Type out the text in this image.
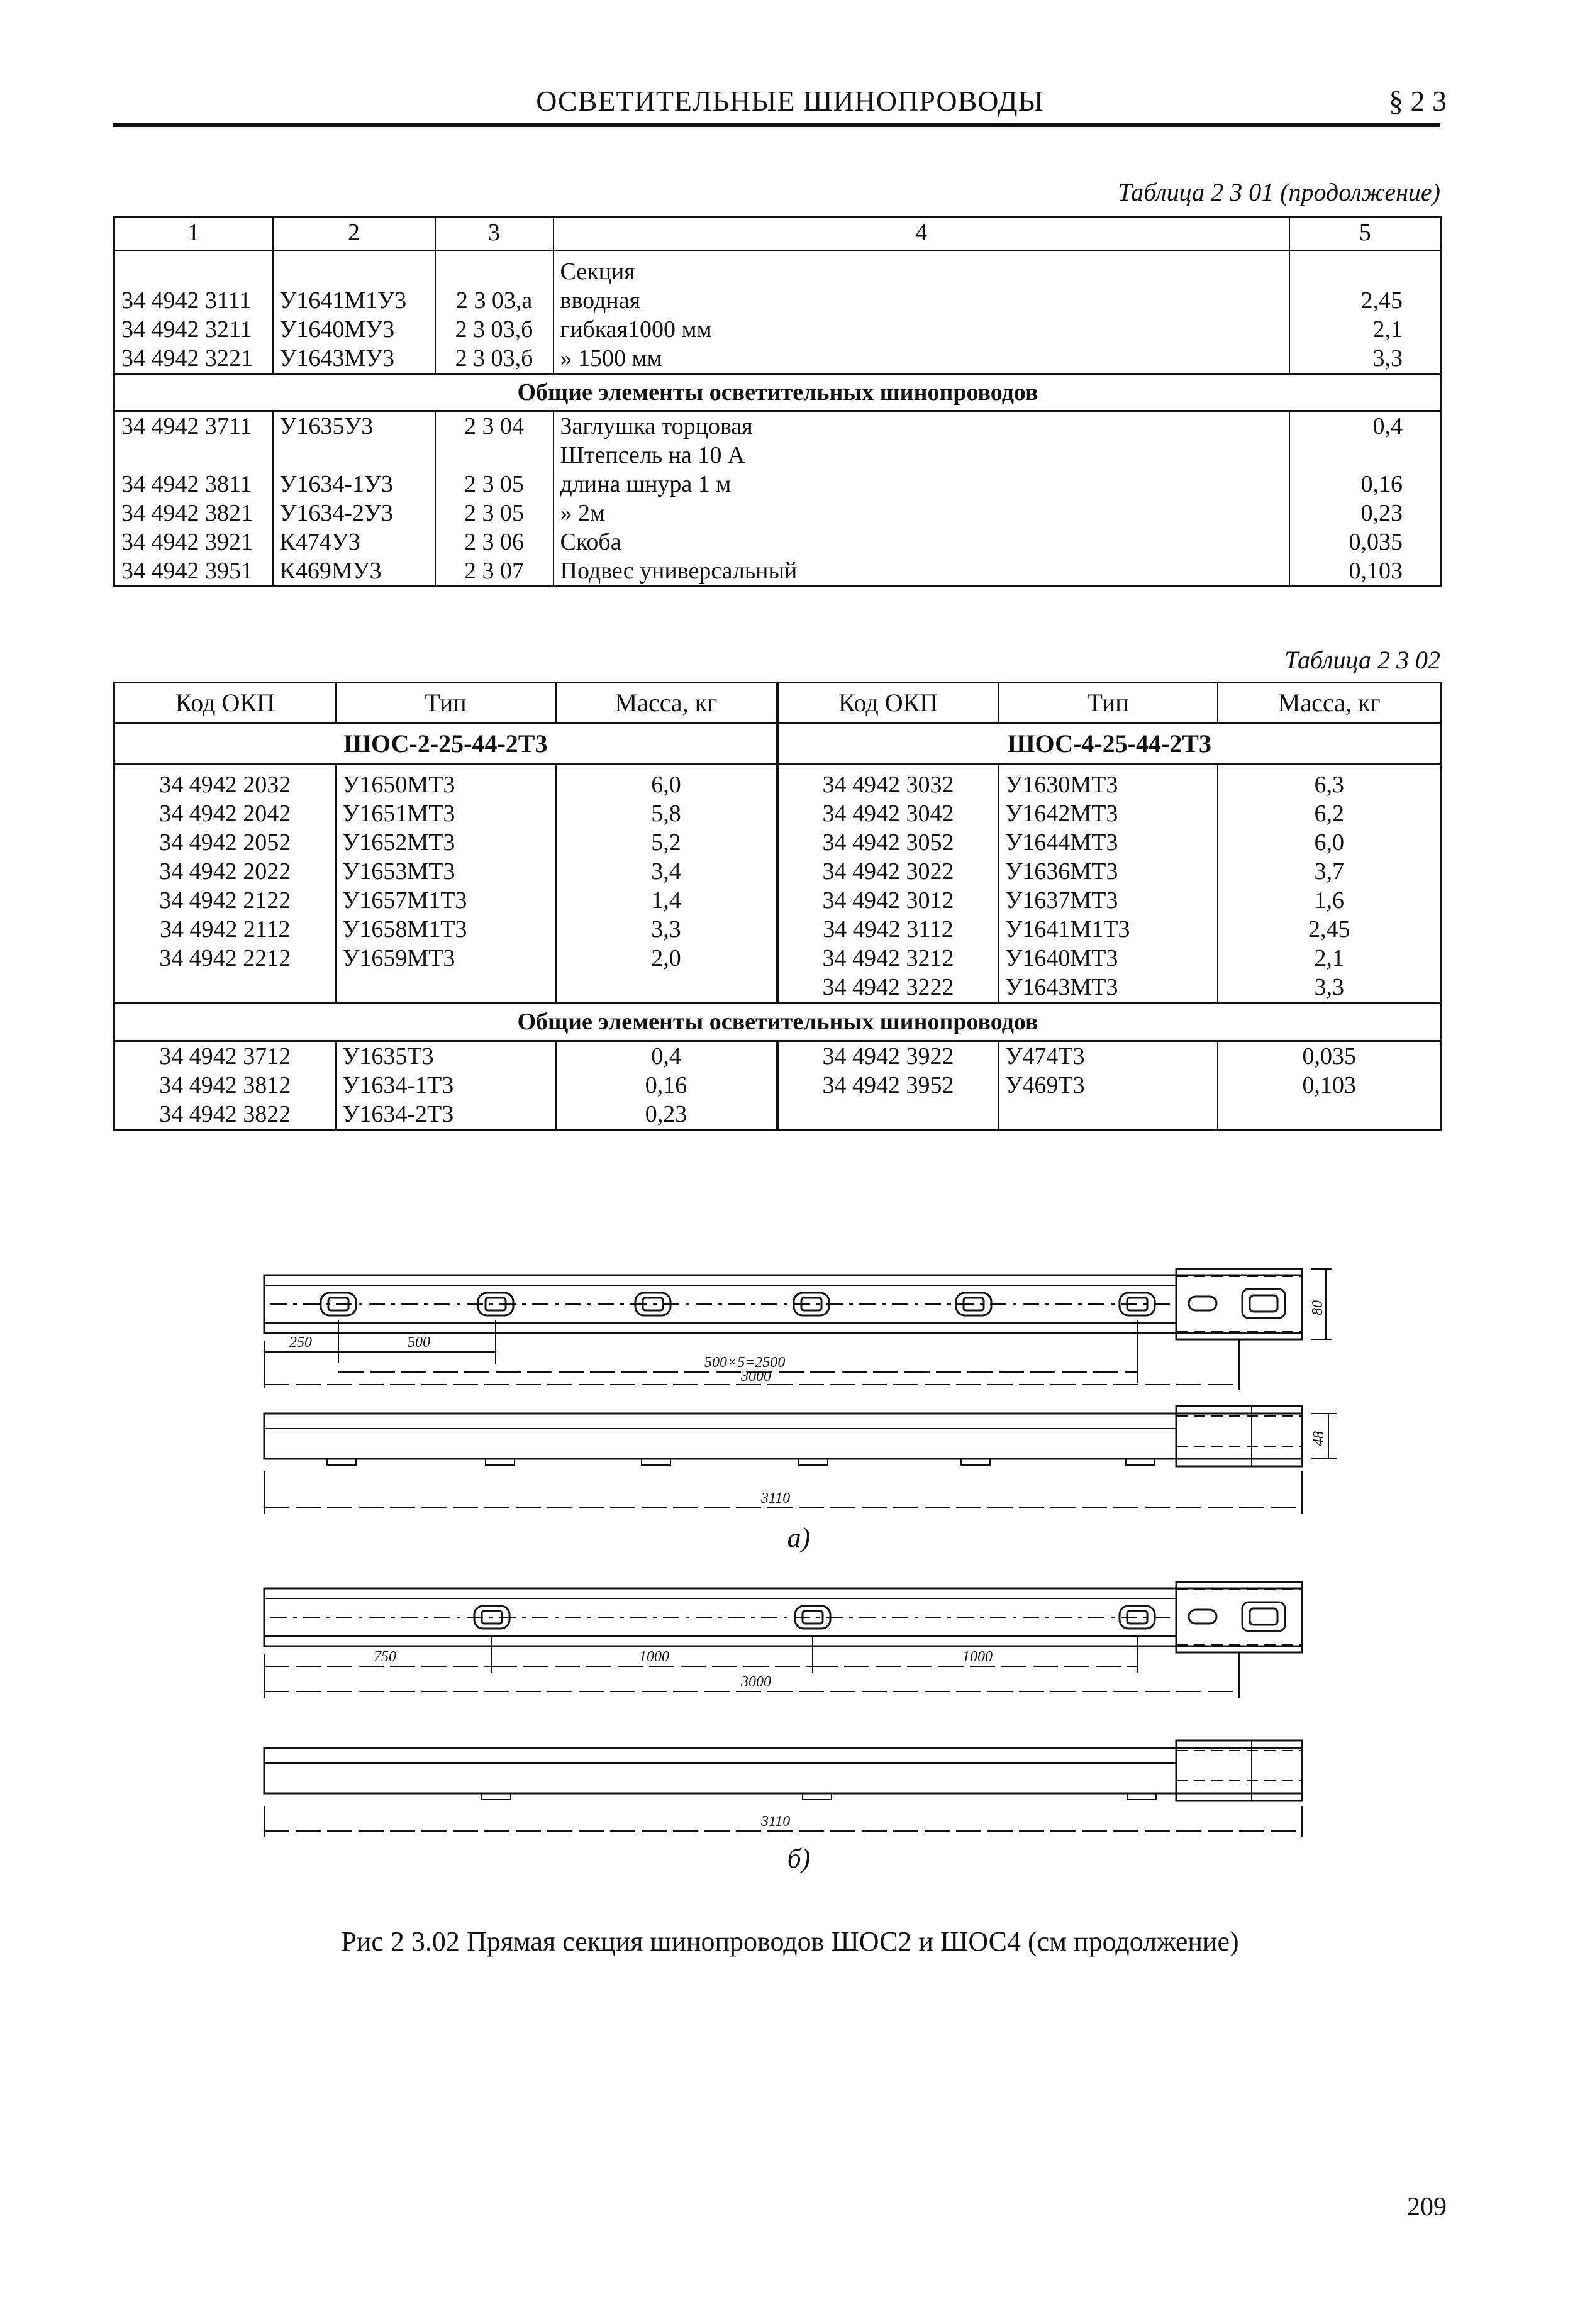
ОСВЕТИТЕЛЬНЫЕ ШИНОПРОВОДЫ	§ 2 3
Таблица 2 3 01 (продолжение)
1	2	3	4	5
			Секция	
34 4942 3111	У1641М1У3	2 3 03,а	вводная	2,45
34 4942 3211	У1640МУ3	2 3 03,б	гибкая1000 мм	2,1
34 4942 3221	У1643МУ3	2 3 03,б	» 1500 мм	3,3
Общие элементы осветительных шинопроводов				
34 4942 3711	У1635У3	2 3 04	Заглушка торцовая	0,4
			Штепсель на 10 А	
34 4942 3811	У1634-1У3	2 3 05	длина шнура 1 м	0,16
34 4942 3821	У1634-2У3	2 3 05	» 2м	0,23
34 4942 3921	К474У3	2 3 06	Скоба	0,035
34 4942 3951	К469МУ3	2 3 07	Подвес универсальный	0,103
Таблица 2 3 02
Код ОКП	Тип	Масса, кг	Код ОКП	Тип	Масса, кг
ШОС-2-25-44-2Т3			ШОС-4-25-44-2Т3		
34 4942 2032	У1650МТ3	6,0	34 4942 3032	У1630МТ3	6,3
34 4942 2042	У1651МТ3	5,8	34 4942 3042	У1642МТ3	6,2
34 4942 2052	У1652МТ3	5,2	34 4942 3052	У1644МТ3	6,0
34 4942 2022	У1653МТ3	3,4	34 4942 3022	У1636МТ3	3,7
34 4942 2122	У1657М1Т3	1,4	34 4942 3012	У1637МТ3	1,6
34 4942 2112	У1658М1Т3	3,3	34 4942 3112	У1641М1Т3	2,45
34 4942 2212	У1659МТ3	2,0	34 4942 3212	У1640МТ3	2,1
			34 4942 3222	У1643МТ3	3,3
Общие элементы осветительных шинопроводов					
34 4942 3712	У1635Т3	0,4	34 4942 3922	У474Т3	0,035
34 4942 3812	У1634-1Т3	0,16	34 4942 3952	У469Т3	0,103
34 4942 3822	У1634-2Т3	0,23			
250	500
500×5=2500
3000
3110
80
48
750	1000	1000
3000
3110
а)
б)
Рис 2 3.02 Прямая секция шинопроводов ШОС2 и ШОС4 (см продолжение)
209
